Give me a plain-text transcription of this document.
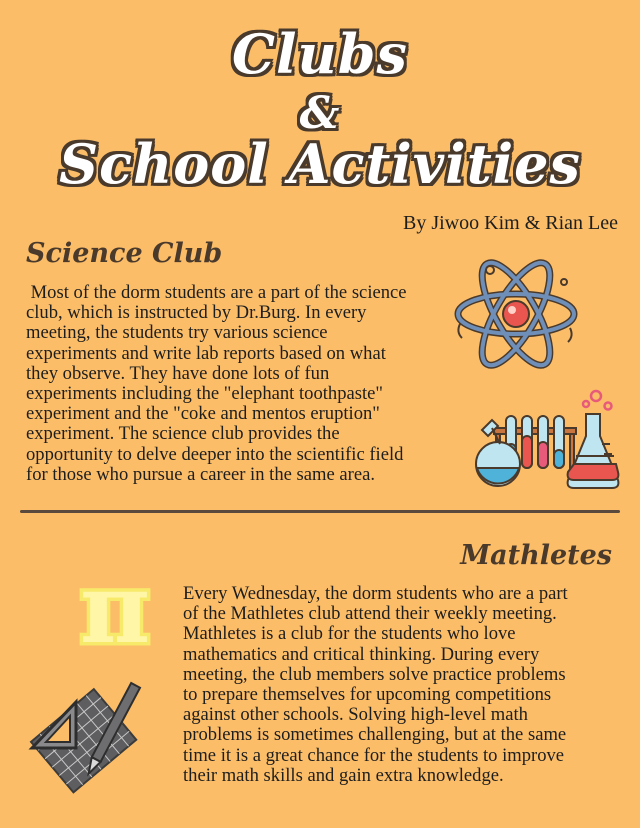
Clubs
&
School Activities
By Jiwoo Kim & Rian Lee
Science Club
Most of the dorm students are a part of the science
club, which is instructed by Dr.Burg. In every
meeting, the students try various science
experiments and write lab reports based on what
they observe. They have done lots of fun
experiments including the "elephant toothpaste"
experiment and the "coke and mentos eruption"
experiment. The science club provides the
opportunity to delve deeper into the scientific field
for those who pursue a career in the same area.
Mathletes
π Every Wednesday, the dorm students who are a part
of the Mathletes club attend their weekly meeting.
Mathletes is a club for the students who love
mathematics and critical thinking. During every
meeting, the club members solve practice problems
to prepare themselves for upcoming competitions
against other schools. Solving high-level math
problems is sometimes challenging, but at the same
time it is a great chance for the students to improve
their math skills and gain extra knowledge.
